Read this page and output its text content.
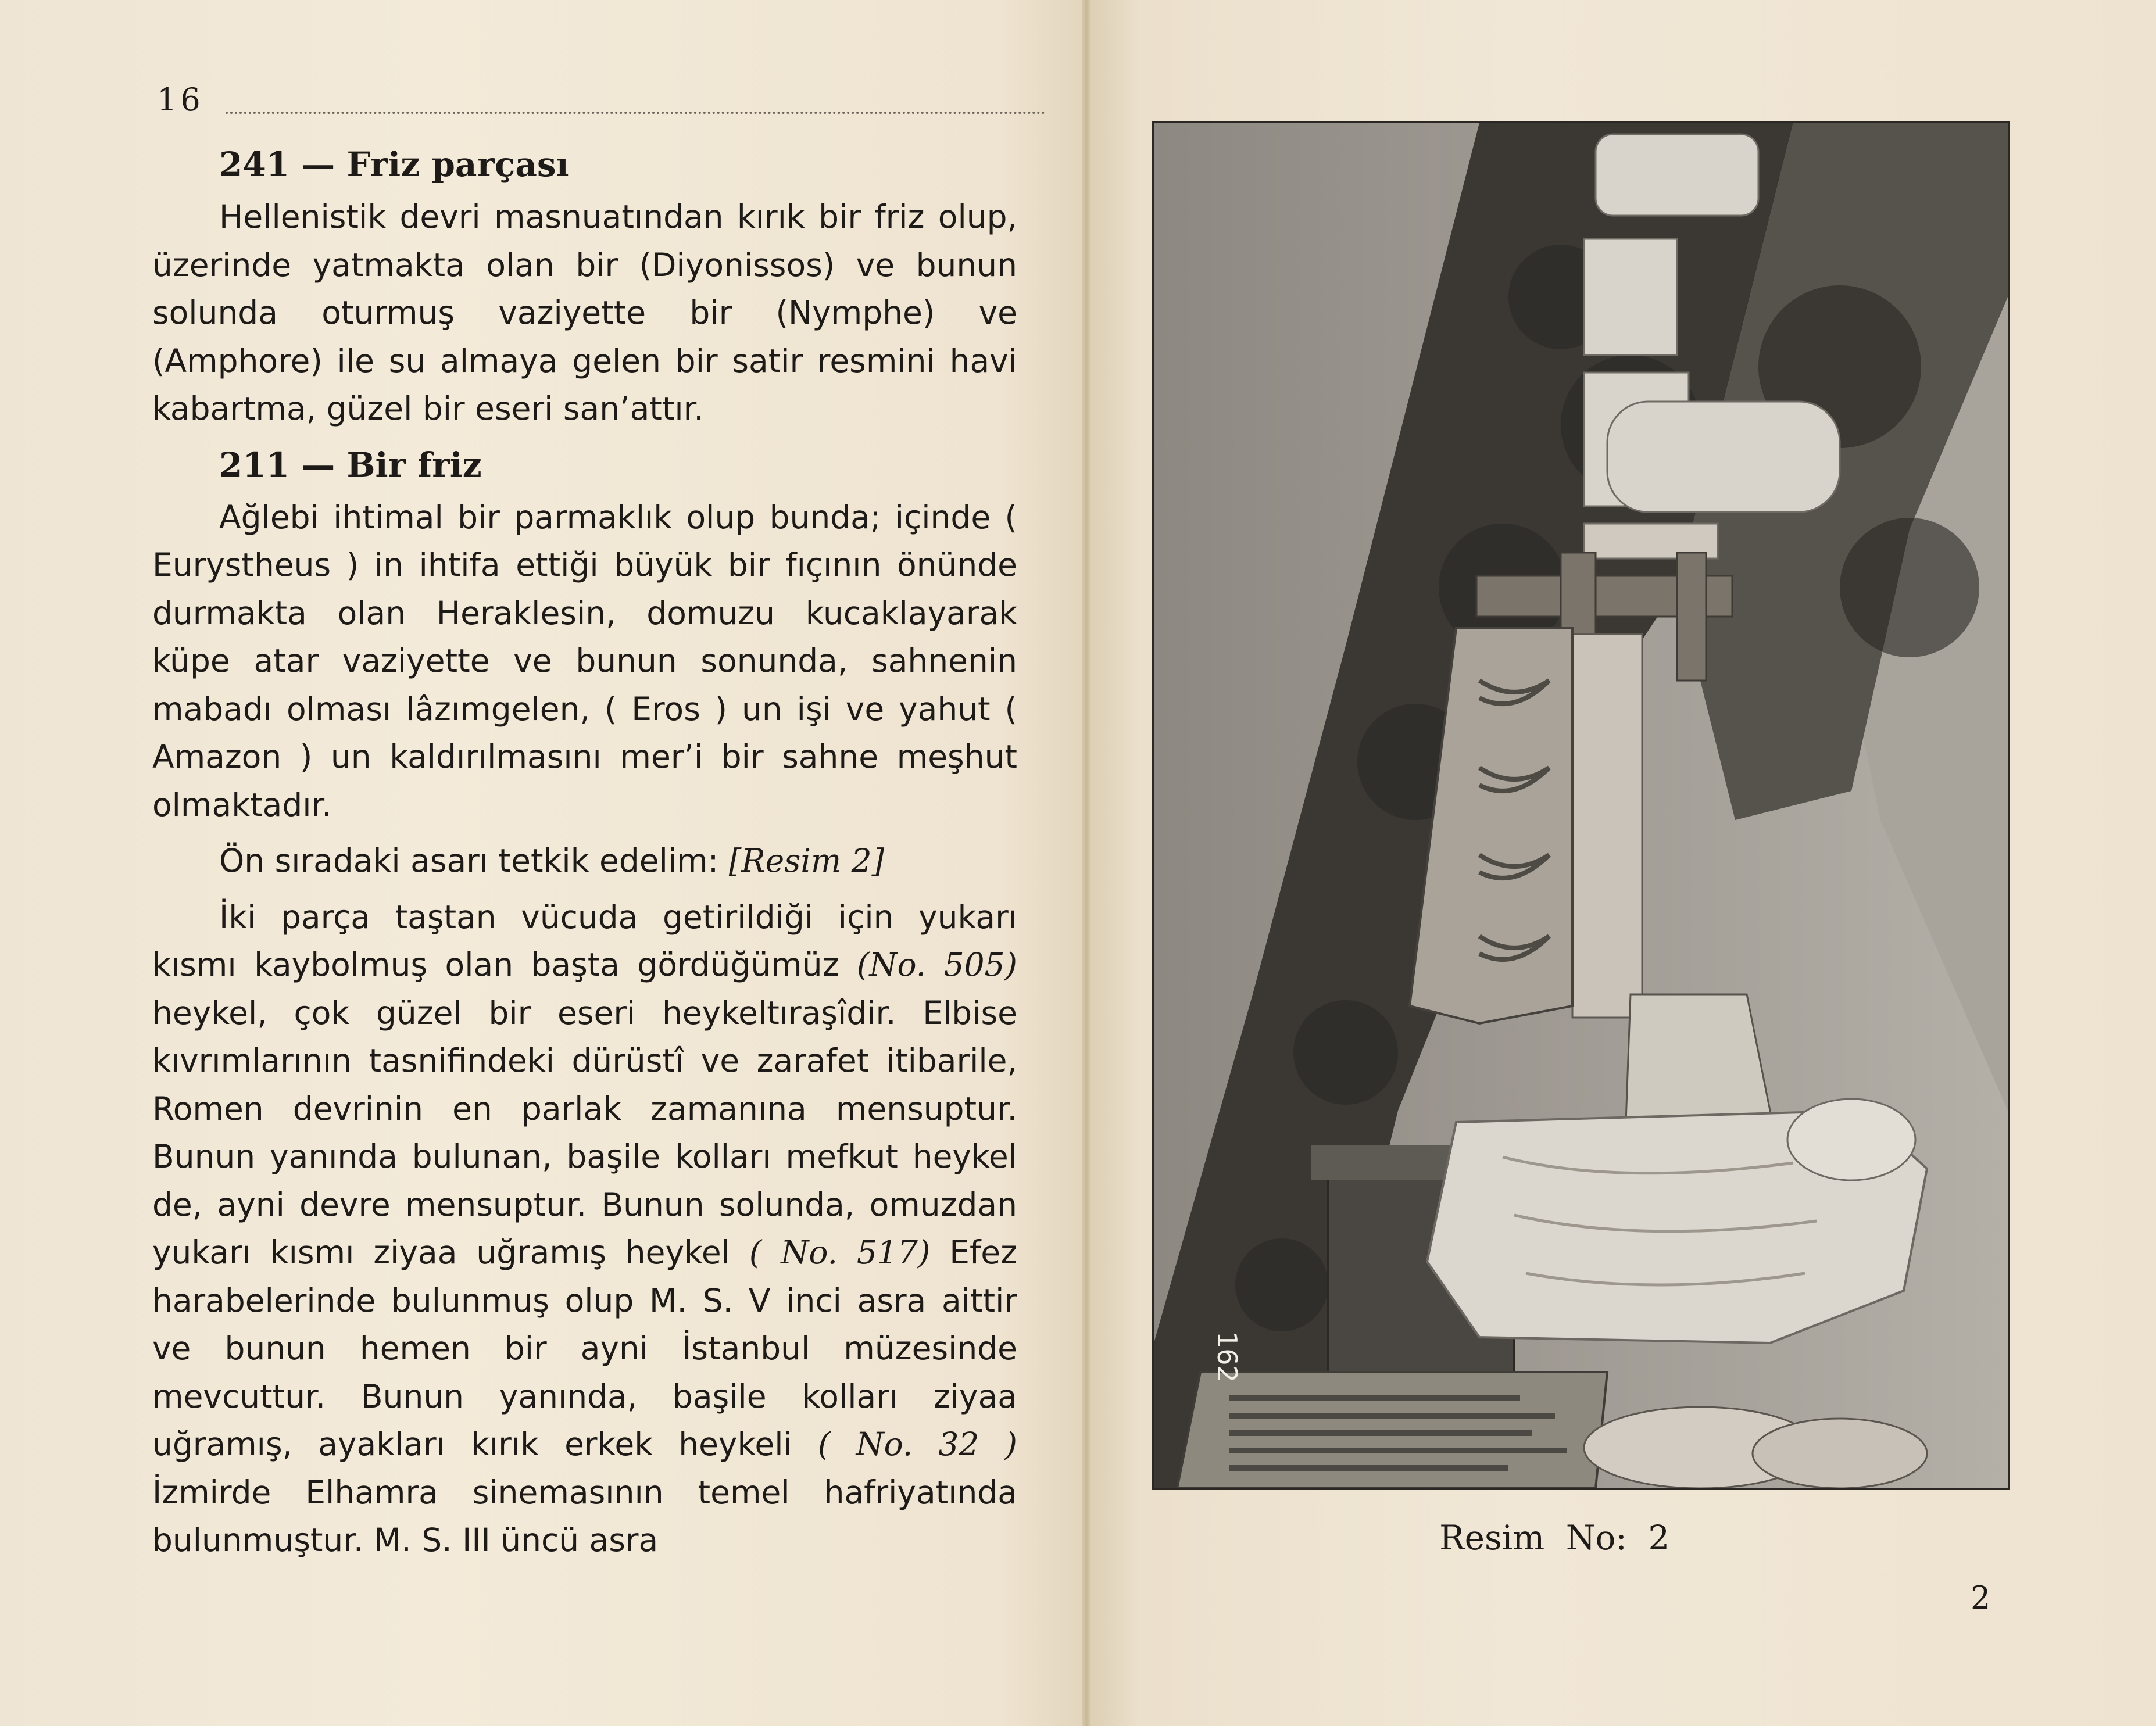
16
241 — Friz parçası

Hellenistik devri masnuatından kırık bir friz olup, üzerinde yatmakta olan bir (Diyonissos) ve bunun solunda oturmuş vaziyette bir (Nymphe) ve (Amphore) ile su almaya gelen bir satir resmini havi kabartma, güzel bir eseri san’attır.

211 — Bir friz

Ağlebi ihtimal bir parmaklık olup bunda; içinde ( Eurystheus ) in ihtifa ettiği büyük bir fıçının önünde durmakta olan Heraklesin, domuzu kucaklayarak küpe atar vaziyette ve bunun sonunda, sahnenin mabadı olması lâzımgelen, ( Eros ) un işi ve yahut ( Amazon ) un kaldırılmasını mer’i bir sahne meşhut olmaktadır.

Ön sıradaki asarı tetkik edelim: [Resim 2]

İki parça taştan vücuda getirildiği için yukarı kısmı kaybolmuş olan başta gördüğümüz (No. 505) heykel, çok güzel bir eseri heykeltıraşîdir. Elbise kıvrımlarının tasnifindeki dürüstî ve zarafet itibarile, Romen devrinin en parlak zamanına mensuptur. Bunun yanında bulunan, başile kolları mefkut heykel de, ayni devre mensuptur. Bunun solunda, omuzdan yukarı kısmı ziyaa uğramış heykel ( No. 517) Efez harabelerinde bulunmuş olup M. S. V inci asra aittir ve bunun hemen bir ayni İstanbul müzesinde mevcuttur. Bunun yanında, başile kolları ziyaa uğramış, ayakları kırık erkek heykeli ( No. 32 ) İzmirde Elhamra sinemasının temel hafriyatında bulunmuştur. M. S. III üncü asra

162
Resim No: 2
2
